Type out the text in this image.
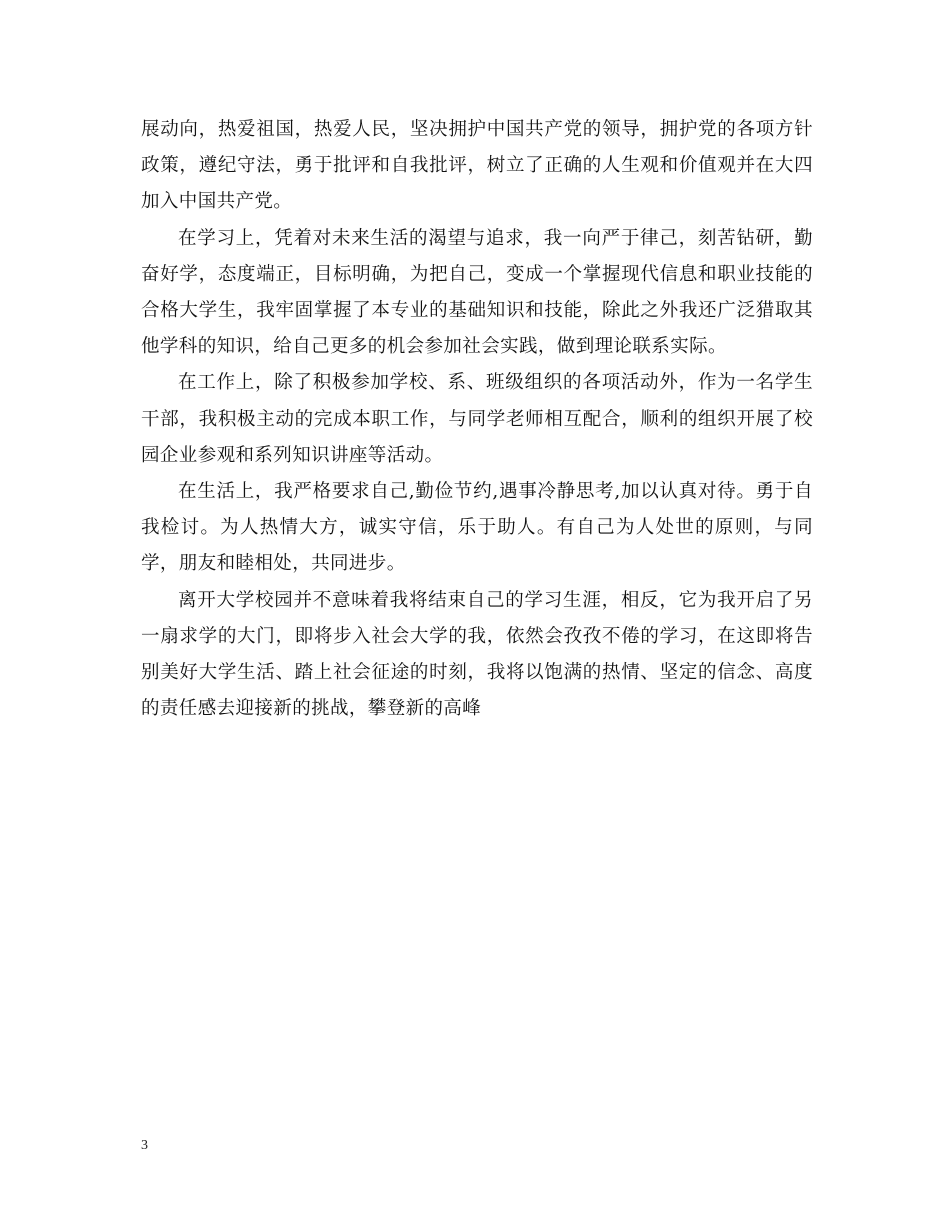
展动向，热爱祖国，热爱人民，坚决拥护中国共产党的领导，拥护党的各项方针政策，遵纪守法，勇于批评和自我批评，树立了正确的人生观和价值观并在大四加入中国共产党。

在学习上，凭着对未来生活的渴望与追求，我一向严于律己，刻苦钻研，勤奋好学，态度端正，目标明确，为把自己，变成一个掌握现代信息和职业技能的合格大学生，我牢固掌握了本专业的基础知识和技能，除此之外我还广泛猎取其他学科的知识，给自己更多的机会参加社会实践，做到理论联系实际。

在工作上，除了积极参加学校、系、班级组织的各项活动外，作为一名学生干部，我积极主动的完成本职工作，与同学老师相互配合，顺利的组织开展了校园企业参观和系列知识讲座等活动。

在生活上，我严格要求自己,勤俭节约,遇事冷静思考,加以认真对待。勇于自我检讨。为人热情大方，诚实守信，乐于助人。有自己为人处世的原则，与同学，朋友和睦相处，共同进步。

离开大学校园并不意味着我将结束自己的学习生涯，相反，它为我开启了另一扇求学的大门，即将步入社会大学的我，依然会孜孜不倦的学习，在这即将告别美好大学生活、踏上社会征途的时刻，我将以饱满的热情、坚定的信念、高度的责任感去迎接新的挑战，攀登新的高峰

3
